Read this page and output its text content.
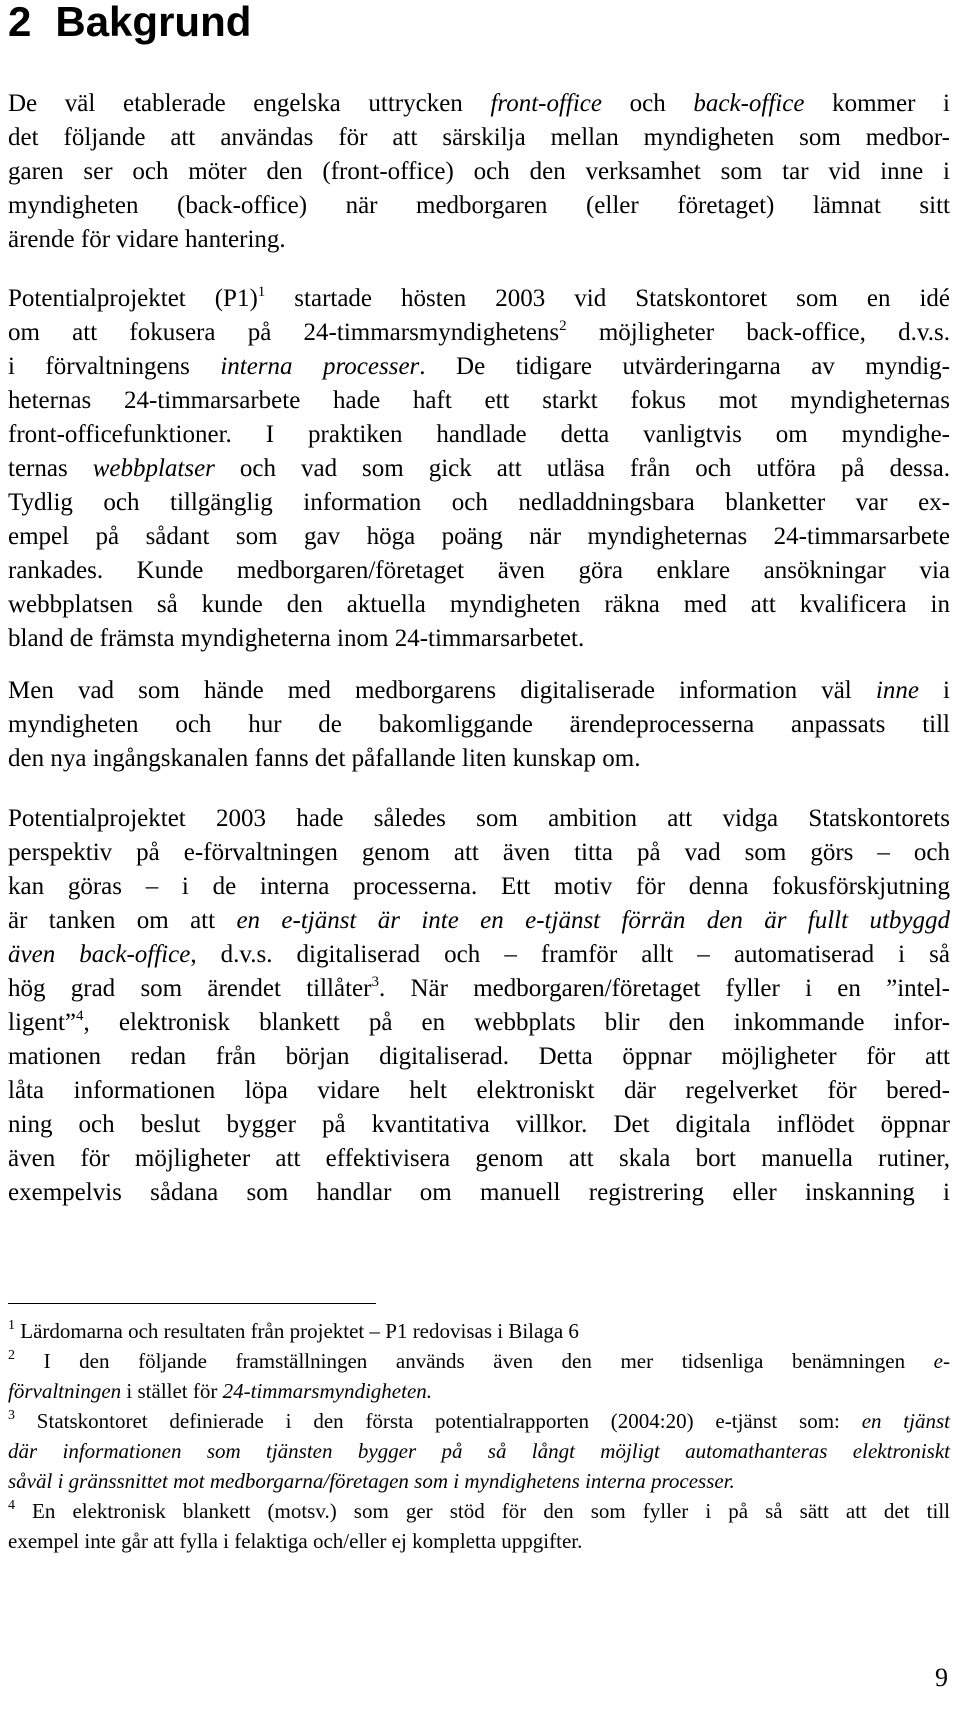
2 Bakgrund
De väl etablerade engelska uttrycken front-office och back-office kommer i
det följande att användas för att särskilja mellan myndigheten som medbor-
garen ser och möter den (front-office) och den verksamhet som tar vid inne i
myndigheten (back-office) när medborgaren (eller företaget) lämnat sitt
ärende för vidare hantering.
Potentialprojektet $(P1)^1$ startade hösten 2003 vid Statskontoret som en idé
om att fokusera på 24-timmarsmyndighetens$^2$ möjligheter back-office, d.v.s.
i förvaltningens interna processer. De tidigare utvärderingarna av myndig-
heternas 24-timmarsarbete hade haft ett starkt fokus mot myndigheternas
front-officefunktioner. I praktiken handlade detta vanligtvis om myndighe-
ternas webbplatser och vad som gick att utläsa från och utföra på dessa.
Tydlig och tillgänglig information och nedladdningsbara blanketter var ex-
empel på sådant som gav höga poäng när myndigheternas 24-timmarsarbete
rankades. Kunde medborgaren/företaget även göra enklare ansökningar via
webbplatsen så kunde den aktuella myndigheten räkna med att kvalificera in
bland de främsta myndigheterna inom 24-timmarsarbetet.
Men vad som hände med medborgarens digitaliserade information väl inne i
myndigheten och hur de bakomliggande ärendeprocesserna anpassats till
den nya ingångskanalen fanns det påfallande liten kunskap om.
Potentialprojektet 2003 hade således som ambition att vidga Statskontorets
perspektiv på e-förvaltningen genom att även titta på vad som görs – och
kan göras – i de interna processerna. Ett motiv för denna fokusförskjutning
är tanken om att en e-tjänst är inte en e-tjänst förrän den är fullt utbyggd
även back-office, d.v.s. digitaliserad och – framför allt – automatiserad i så
hög grad som ärendet tillåter$^3$. När medborgaren/företaget fyller i en ”intel-
ligent”$^4$, elektronisk blankett på en webbplats blir den inkommande infor-
mationen redan från början digitaliserad. Detta öppnar möjligheter för att
låta informationen löpa vidare helt elektroniskt där regelverket för bered-
ning och beslut bygger på kvantitativa villkor. Det digitala inflödet öppnar
även för möjligheter att effektivisera genom att skala bort manuella rutiner,
exempelvis sådana som handlar om manuell registrering eller inskanning i
$^1$ Lärdomarna och resultaten från projektet – P1 redovisas i Bilaga 6
$^2$ I den följande framställningen används även den mer tidsenliga benämningen e-
förvaltningen i stället för 24-timmarsmyndigheten.
$^3$ Statskontoret definierade i den första potentialrapporten (2004:20) e-tjänst som: en tjänst
där informationen som tjänsten bygger på så långt möjligt automathanteras elektroniskt
såväl i gränssnittet mot medborgarna/företagen som i myndighetens interna processer.
$^4$ En elektronisk blankett (motsv.) som ger stöd för den som fyller i på så sätt att det till
exempel inte går att fylla i felaktiga och/eller ej kompletta uppgifter.
9
